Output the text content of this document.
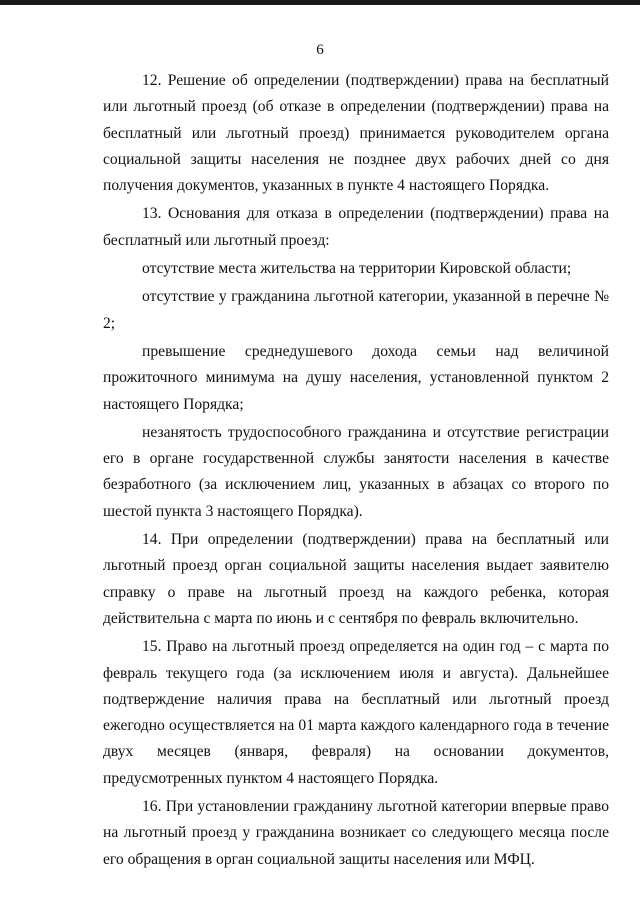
6

12. Решение об определении (подтверждении) права на бесплатный или льготный проезд (об отказе в определении (подтверждении) права на бесплатный или льготный проезд) принимается руководителем органа социальной защиты населения не позднее двух рабочих дней со дня получения документов, указанных в пункте 4 настоящего Порядка.

13. Основания для отказа в определении (подтверждении) права на бесплатный или льготный проезд:

отсутствие места жительства на территории Кировской области;

отсутствие у гражданина льготной категории, указанной в перечне № 2;

превышение среднедушевого дохода семьи над величиной прожиточного минимума на душу населения, установленной пунктом 2 настоящего Порядка;

незанятость трудоспособного гражданина и отсутствие регистрации его в органе государственной службы занятости населения в качестве безработного (за исключением лиц, указанных в абзацах со второго по шестой пункта 3 настоящего Порядка).

14. При определении (подтверждении) права на бесплатный или льготный проезд орган социальной защиты населения выдает заявителю справку о праве на льготный проезд на каждого ребенка, которая действительна с марта по июнь и с сентября по февраль включительно.

15. Право на льготный проезд определяется на один год – с марта по февраль текущего года (за исключением июля и августа). Дальнейшее подтверждение наличия права на бесплатный или льготный проезд ежегодно осуществляется на 01 марта каждого календарного года в течение двух месяцев (января, февраля) на основании документов, предусмотренных пунктом 4 настоящего Порядка.

16. При установлении гражданину льготной категории впервые право на льготный проезд у гражданина возникает со следующего месяца после его обращения в орган социальной защиты населения или МФЦ.
